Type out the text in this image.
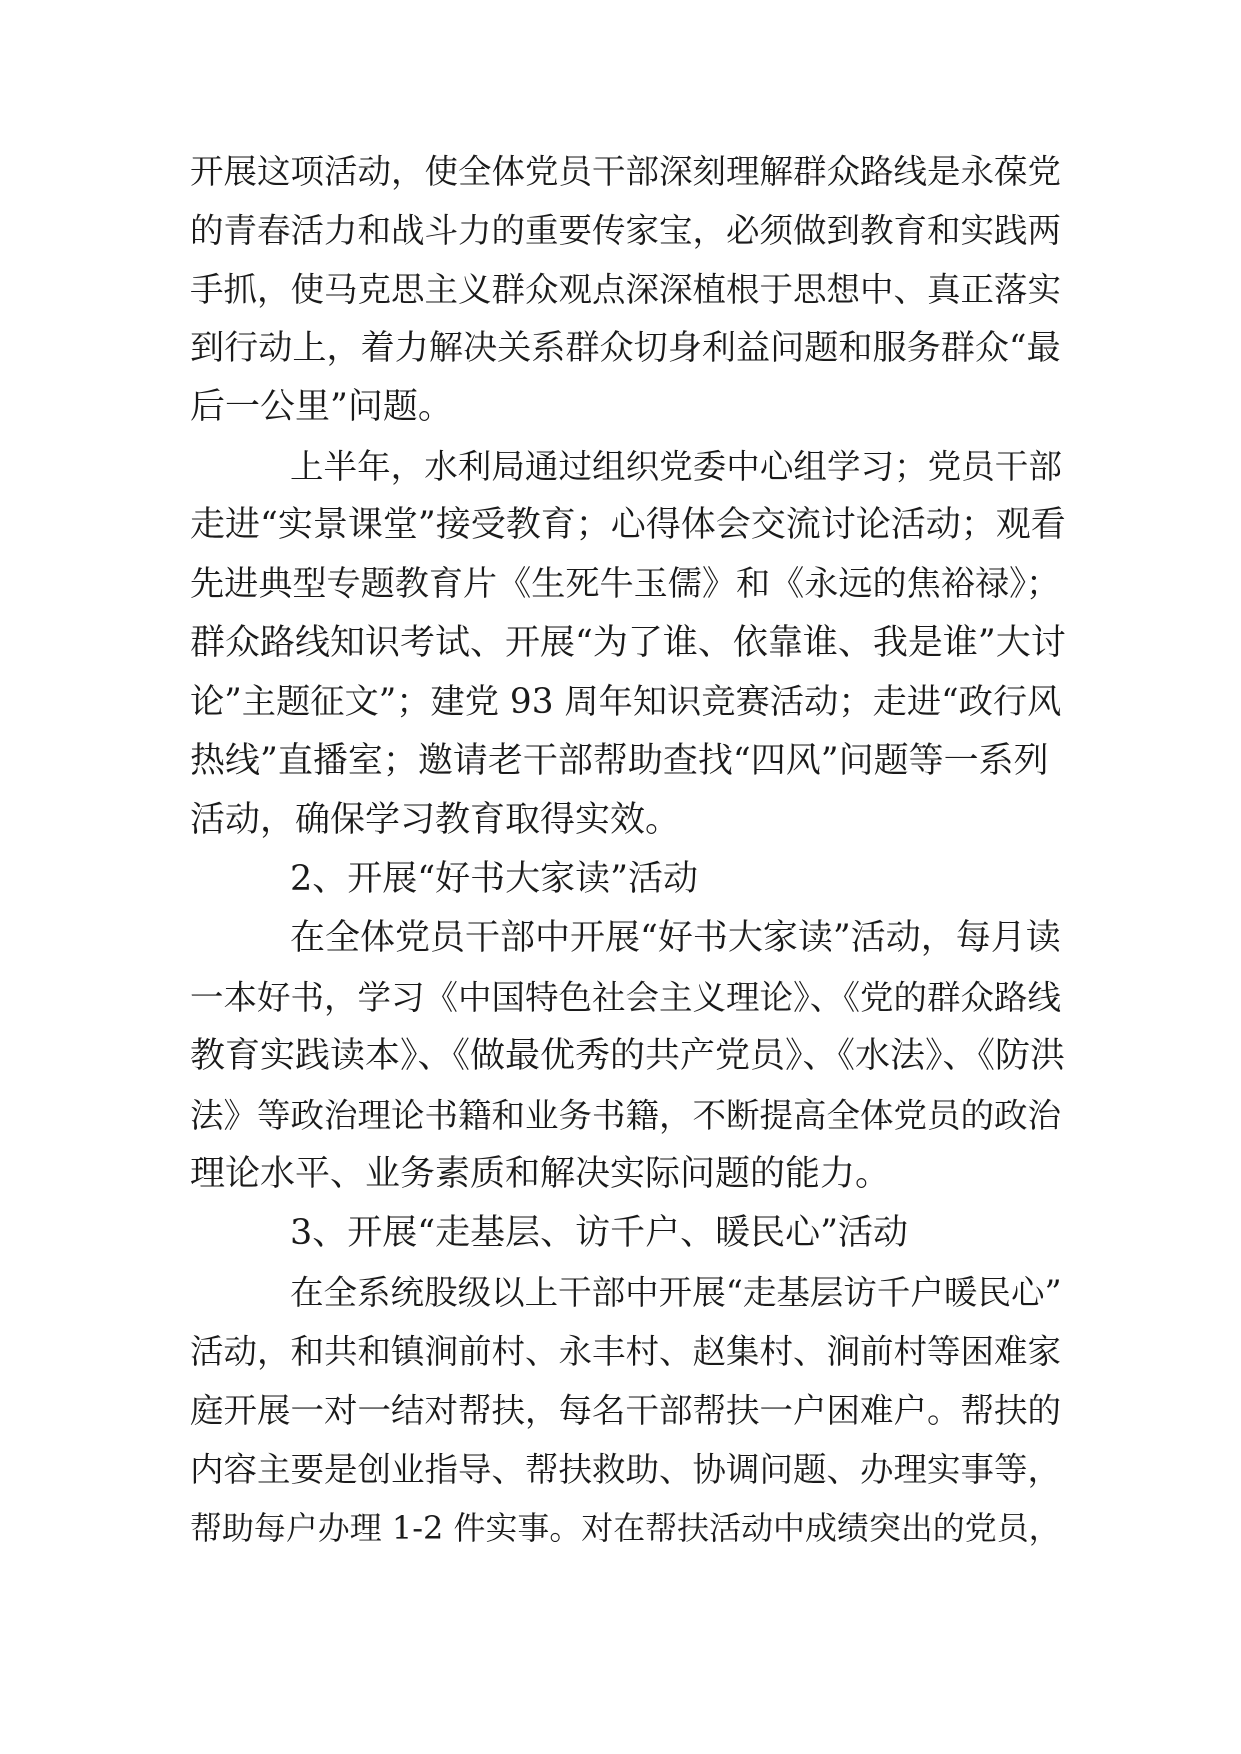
开展这项活动，使全体党员干部深刻理解群众路线是永葆党
的青春活力和战斗力的重要传家宝，必须做到教育和实践两
手抓，使马克思主义群众观点深深植根于思想中、真正落实
到行动上，着力解决关系群众切身利益问题和服务群众“最
后一公里”问题。
上半年，水利局通过组织党委中心组学习；党员干部
走进“实景课堂”接受教育；心得体会交流讨论活动；观看
先进典型专题教育片《生死牛玉儒》和《永远的焦裕禄》；
群众路线知识考试、开展“为了谁、依靠谁、我是谁”大讨
论”主题征文”；建党 93 周年知识竞赛活动；走进“政行风
热线”直播室；邀请老干部帮助查找“四风”问题等一系列
活动，确保学习教育取得实效。
2、开展“好书大家读”活动
在全体党员干部中开展“好书大家读”活动，每月读
一本好书，学习《中国特色社会主义理论》、《党的群众路线
教育实践读本》、《做最优秀的共产党员》、《水法》、《防洪
法》等政治理论书籍和业务书籍，不断提高全体党员的政治
理论水平、业务素质和解决实际问题的能力。
3、开展“走基层、访千户、暖民心”活动
在全系统股级以上干部中开展“走基层访千户暖民心”
活动，和共和镇涧前村、永丰村、赵集村、涧前村等困难家
庭开展一对一结对帮扶，每名干部帮扶一户困难户。帮扶的
内容主要是创业指导、帮扶救助、协调问题、办理实事等，
帮助每户办理 1-2 件实事。对在帮扶活动中成绩突出的党员，
